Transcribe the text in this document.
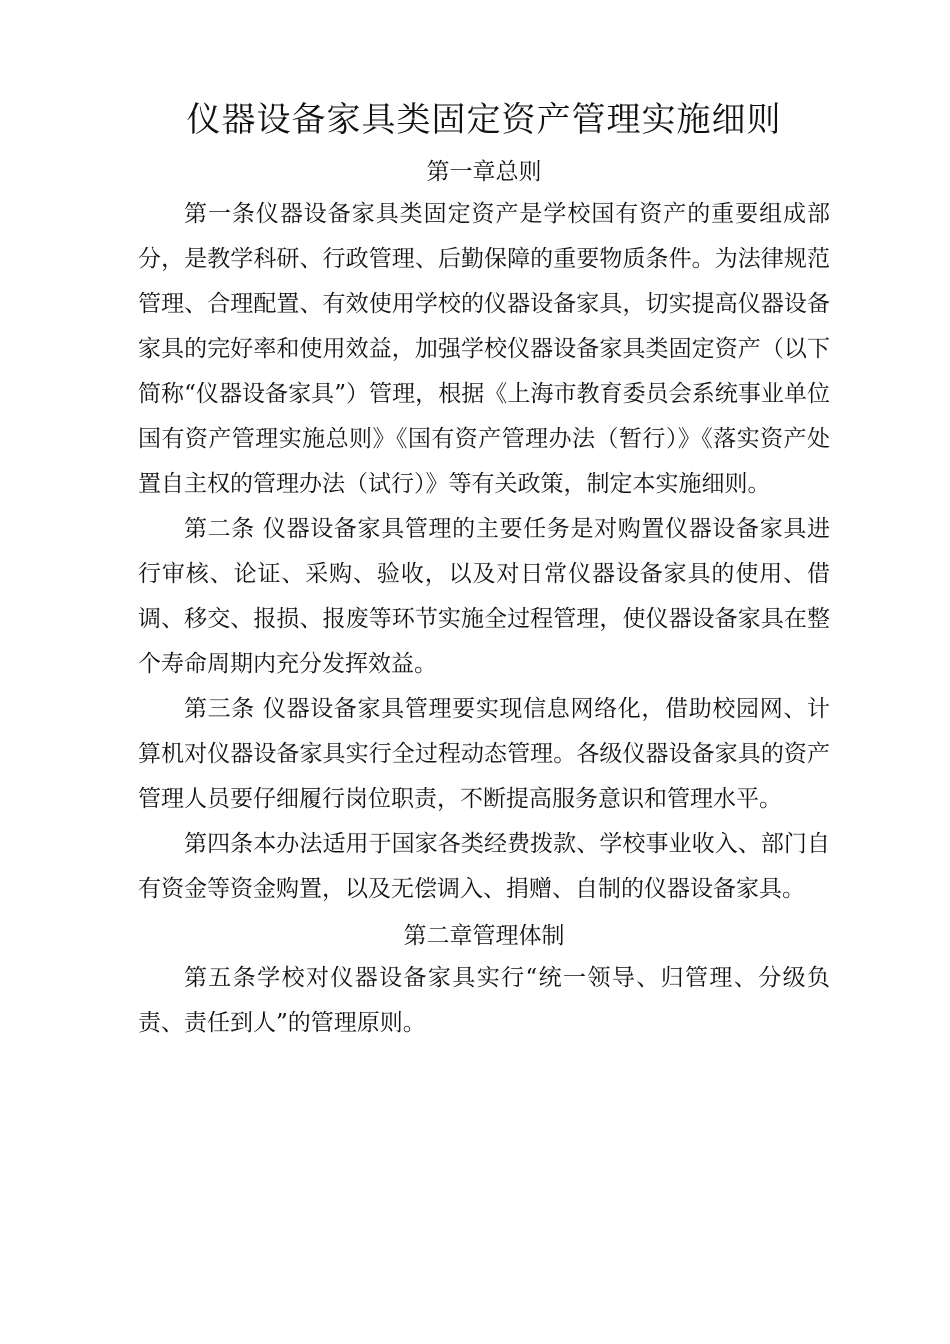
仪器设备家具类固定资产管理实施细则
第一章总则

第一条仪器设备家具类固定资产是学校国有资产的重要组成部分，是教学科研、行政管理、后勤保障的重要物质条件。为法律规范管理、合理配置、有效使用学校的仪器设备家具，切实提高仪器设备家具的完好率和使用效益，加强学校仪器设备家具类固定资产（以下简称“仪器设备家具”）管理，根据《上海市教育委员会系统事业单位国有资产管理实施总则》《国有资产管理办法（暂行）》《落实资产处置自主权的管理办法（试行）》等有关政策，制定本实施细则。

第二条 仪器设备家具管理的主要任务是对购置仪器设备家具进行审核、论证、采购、验收，以及对日常仪器设备家具的使用、借调、移交、报损、报废等环节实施全过程管理，使仪器设备家具在整个寿命周期内充分发挥效益。

第三条 仪器设备家具管理要实现信息网络化，借助校园网、计算机对仪器设备家具实行全过程动态管理。各级仪器设备家具的资产管理人员要仔细履行岗位职责，不断提高服务意识和管理水平。

第四条本办法适用于国家各类经费拨款、学校事业收入、部门自有资金等资金购置，以及无偿调入、捐赠、自制的仪器设备家具。

第二章管理体制

第五条学校对仪器设备家具实行“统一领导、归管理、分级负责、责任到人”的管理原则。
